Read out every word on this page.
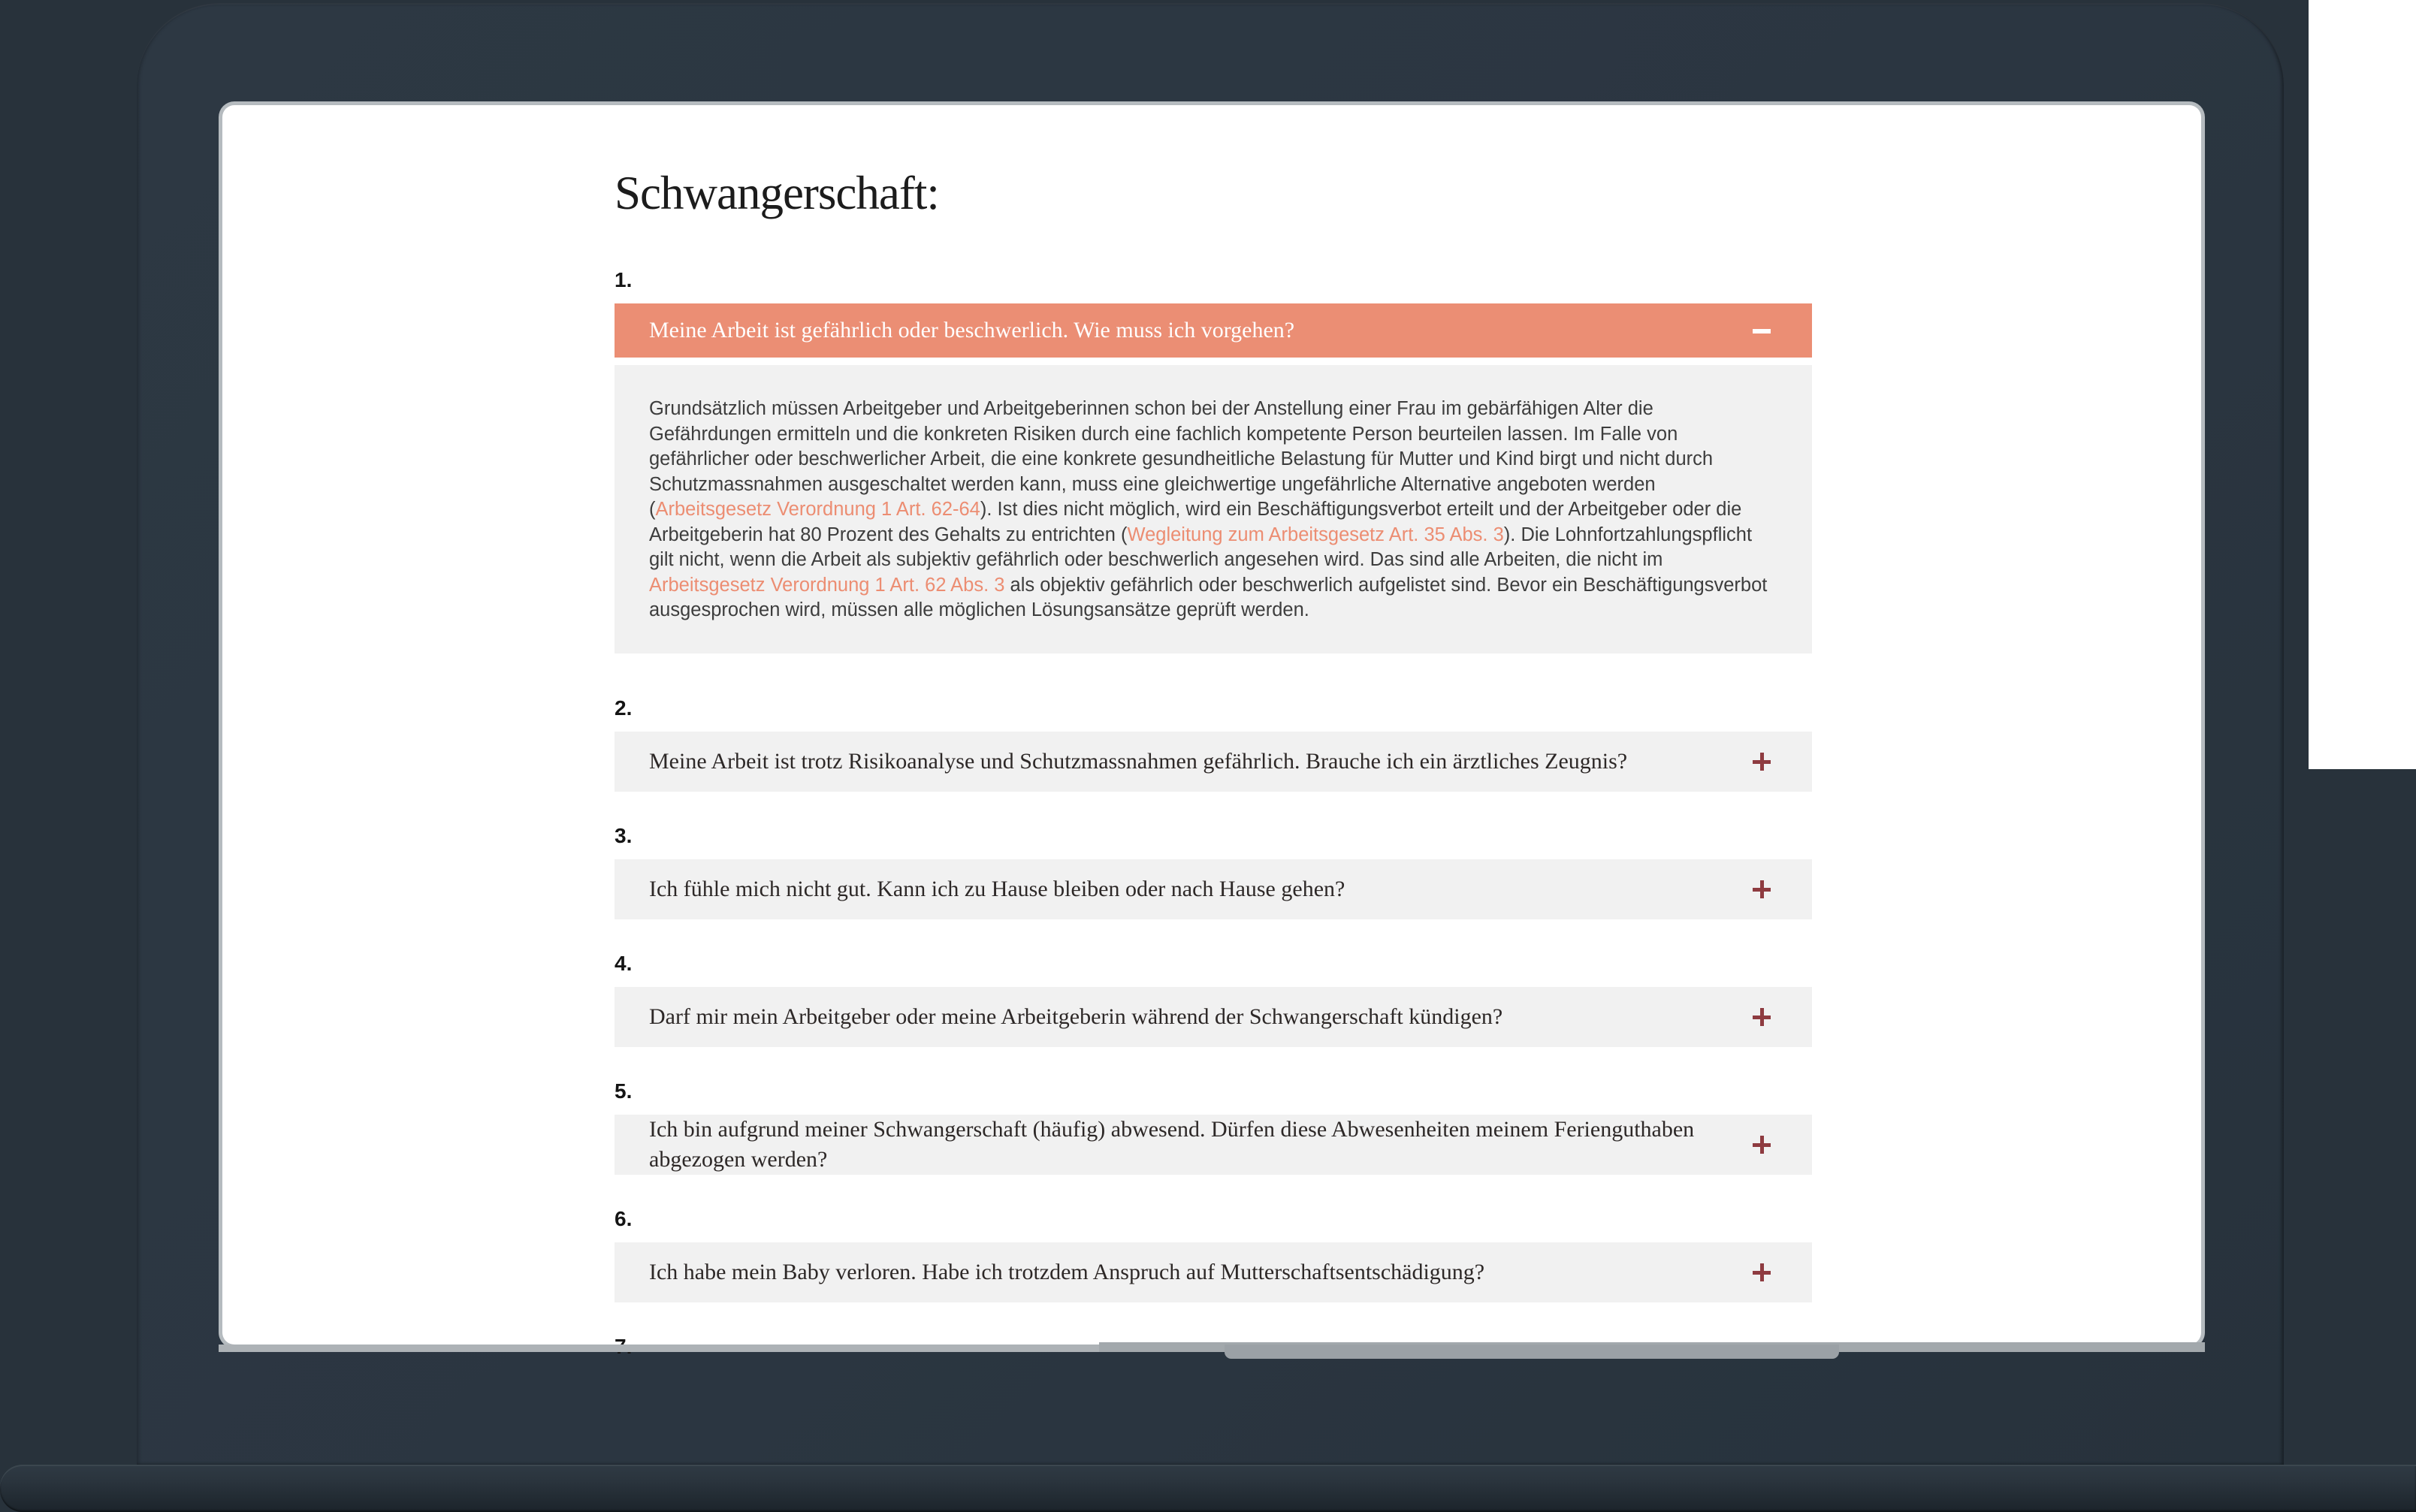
Schwangerschaft:
1.
Meine Arbeit ist gefährlich oder beschwerlich. Wie muss ich vorgehen?
Grundsätzlich müssen Arbeitgeber und Arbeitgeberinnen schon bei der Anstellung einer Frau im gebärfähigen Alter die Gefährdungen ermitteln und die konkreten Risiken durch eine fachlich kompetente Person beurteilen lassen. Im Falle von gefährlicher oder beschwerlicher Arbeit, die eine konkrete gesundheitliche Belastung für Mutter und Kind birgt und nicht durch Schutzmassnahmen ausgeschaltet werden kann, muss eine gleichwertige ungefährliche Alternative angeboten werden (Arbeitsgesetz Verordnung 1 Art. 62-64). Ist dies nicht möglich, wird ein Beschäftigungsverbot erteilt und der Arbeitgeber oder die Arbeitgeberin hat 80 Prozent des Gehalts zu entrichten (Wegleitung zum Arbeitsgesetz Art. 35 Abs. 3). Die Lohnfortzahlungspflicht gilt nicht, wenn die Arbeit als subjektiv gefährlich oder beschwerlich angesehen wird. Das sind alle Arbeiten, die nicht im Arbeitsgesetz Verordnung 1 Art. 62 Abs. 3 als objektiv gefährlich oder beschwerlich aufgelistet sind. Bevor ein Beschäftigungsverbot ausgesprochen wird, müssen alle möglichen Lösungsansätze geprüft werden.
2.
Meine Arbeit ist trotz Risikoanalyse und Schutzmassnahmen gefährlich. Brauche ich ein ärztliches Zeugnis?
3.
Ich fühle mich nicht gut. Kann ich zu Hause bleiben oder nach Hause gehen?
4.
Darf mir mein Arbeitgeber oder meine Arbeitgeberin während der Schwangerschaft kündigen?
5.
Ich bin aufgrund meiner Schwangerschaft (häufig) abwesend. Dürfen diese Abwesenheiten meinem Ferienguthaben abgezogen werden?
6.
Ich habe mein Baby verloren. Habe ich trotzdem Anspruch auf Mutterschaftsentschädigung?
